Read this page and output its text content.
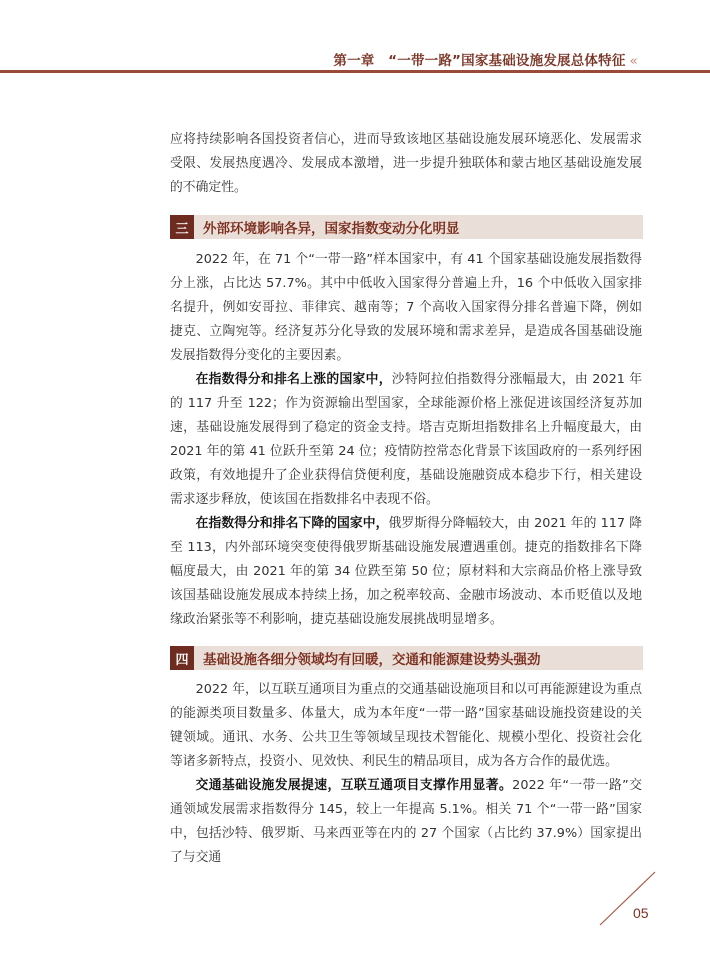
第一章　“一带一路”国家基础设施发展总体特征 «

应将持续影响各国投资者信心，进而导致该地区基础设施发展环境恶化、发展需求受限、发展热度遇冷、发展成本激增，进一步提升独联体和蒙古地区基础设施发展的不确定性。

三	外部环境影响各异，国家指数变动分化明显

2022 年，在 71 个“一带一路”样本国家中，有 41 个国家基础设施发展指数得分上涨，占比达 57.7%。其中中低收入国家得分普遍上升，16 个中低收入国家排名提升，例如安哥拉、菲律宾、越南等；7 个高收入国家得分排名普遍下降，例如捷克、立陶宛等。经济复苏分化导致的发展环境和需求差异，是造成各国基础设施发展指数得分变化的主要因素。

在指数得分和排名上涨的国家中，沙特阿拉伯指数得分涨幅最大，由 2021 年的 117 升至 122；作为资源输出型国家，全球能源价格上涨促进该国经济复苏加速，基础设施发展得到了稳定的资金支持。塔吉克斯坦指数排名上升幅度最大，由 2021 年的第 41 位跃升至第 24 位；疫情防控常态化背景下该国政府的一系列纾困政策，有效地提升了企业获得信贷便利度，基础设施融资成本稳步下行，相关建设需求逐步释放，使该国在指数排名中表现不俗。

在指数得分和排名下降的国家中，俄罗斯得分降幅较大，由 2021 年的 117 降至 113，内外部环境突变使得俄罗斯基础设施发展遭遇重创。捷克的指数排名下降幅度最大，由 2021 年的第 34 位跌至第 50 位；原材料和大宗商品价格上涨导致该国基础设施发展成本持续上扬，加之税率较高、金融市场波动、本币贬值以及地缘政治紧张等不利影响，捷克基础设施发展挑战明显增多。

四	基础设施各细分领域均有回暖，交通和能源建设势头强劲

2022 年，以互联互通项目为重点的交通基础设施项目和以可再能源建设为重点的能源类项目数量多、体量大，成为本年度“一带一路”国家基础设施投资建设的关键领域。通讯、水务、公共卫生等领域呈现技术智能化、规模小型化、投资社会化等诸多新特点，投资小、见效快、利民生的精品项目，成为各方合作的最优选。

交通基础设施发展提速，互联互通项目支撑作用显著。2022 年“一带一路”交通领域发展需求指数得分 145，较上一年提高 5.1%。相关 71 个“一带一路”国家中，包括沙特、俄罗斯、马来西亚等在内的 27 个国家（占比约 37.9%）国家提出了与交通

05
